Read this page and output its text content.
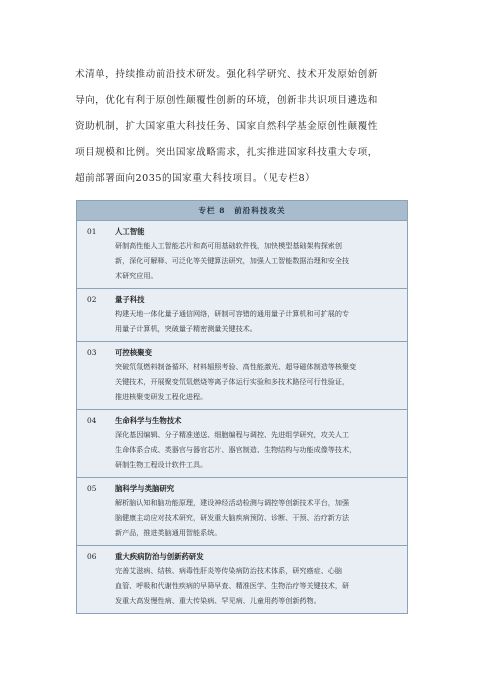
术清单，持续推动前沿技术研发。强化科学研究、技术开发原始创新
导向，优化有利于原创性颠覆性创新的环境，创新非共识项目遴选和
资助机制，扩大国家重大科技任务、国家自然科学基金原创性颠覆性
项目规模和比例。突出国家战略需求，扎实推进国家科技重大专项，
超前部署面向2035的国家重大科技项目。（见专栏8）
专栏 8　前沿科技攻关
01	人工智能
研制高性能人工智能芯片和高可用基础软件栈，加快模型基础架构探索创
新，深化可解释、可泛化等关键算法研究，加强人工智能数据治理和安全技
术研究应用。
02	量子科技
构建天地一体化量子通信网络，研制可容错的通用量子计算机和可扩展的专
用量子计算机，突破量子精密测量关键技术。
03	可控核聚变
突破氘氚燃料制备循环、材料辐照考验、高性能激光、超导磁体制造等核聚变
关键技术，开展聚变氘氚燃烧等离子体运行实验和多技术路径可行性验证，
推进核聚变研发工程化进程。
04	生命科学与生物技术
深化基因编辑、分子精准递送、细胞编程与调控、先进组学研究，攻关人工
生命体系合成、类器官与器官芯片、器官制造、生物结构与功能成像等技术，
研制生物工程设计软件工具。
05	脑科学与类脑研究
解析脑认知和脑功能原理，建设神经活动检测与调控等创新技术平台，加强
脑健康主动应对技术研究，研发重大脑疾病预防、诊断、干预、治疗新方法
新产品，推进类脑通用智能系统。
06	重大疾病防治与创新药研发
完善艾滋病、结核、病毒性肝炎等传染病防治技术体系，研究癌症、心脑
血管、呼吸和代谢性疾病的早筛早查、精准医学、生物治疗等关键技术，研
发重大高发慢性病、重大传染病、罕见病、儿童用药等创新药物。
